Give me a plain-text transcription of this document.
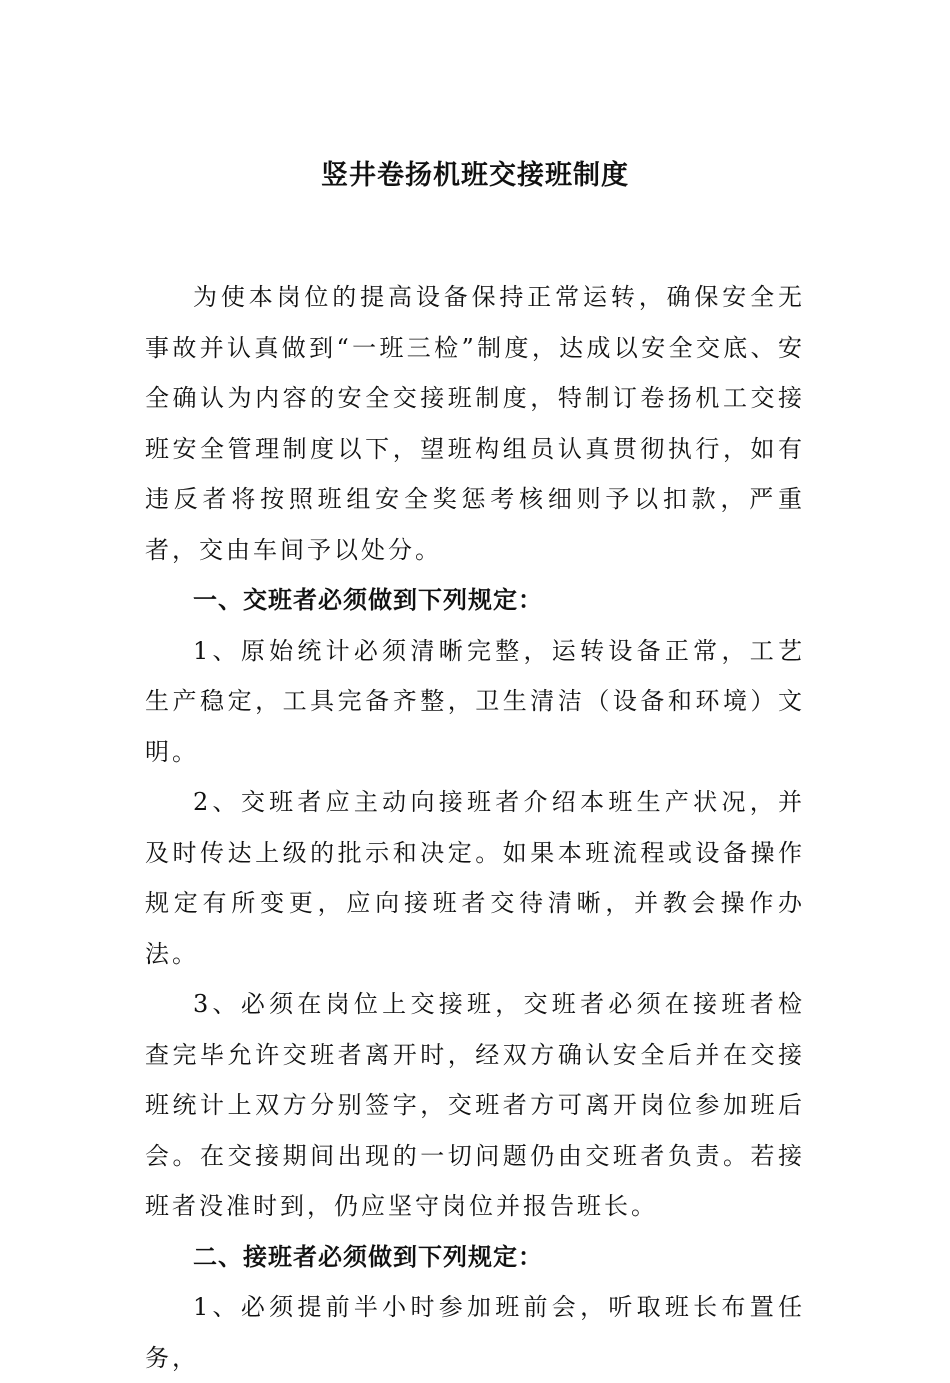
竖井卷扬机班交接班制度

为使本岗位的提高设备保持正常运转，确保安全无事故并认真做到“一班三检”制度，达成以安全交底、安全确认为内容的安全交接班制度，特制订卷扬机工交接班安全管理制度以下，望班构组员认真贯彻执行，如有违反者将按照班组安全奖惩考核细则予以扣款，严重者，交由车间予以处分。

一、交班者必须做到下列规定：

1、原始统计必须清晰完整，运转设备正常，工艺生产稳定，工具完备齐整，卫生清洁（设备和环境）文明。

2、交班者应主动向接班者介绍本班生产状况，并及时传达上级的批示和决定。如果本班流程或设备操作规定有所变更，应向接班者交待清晰，并教会操作办法。

3、必须在岗位上交接班，交班者必须在接班者检查完毕允许交班者离开时，经双方确认安全后并在交接班统计上双方分别签字，交班者方可离开岗位参加班后会。在交接期间出现的一切问题仍由交班者负责。若接班者没准时到，仍应坚守岗位并报告班长。

二、接班者必须做到下列规定：

1、必须提前半小时参加班前会，听取班长布置任务，
